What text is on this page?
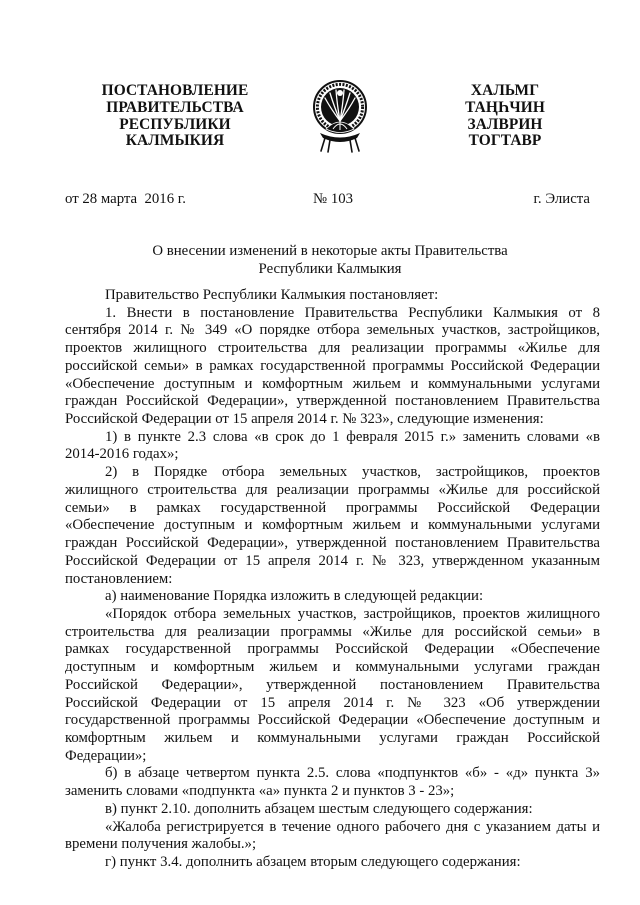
ПОСТАНОВЛЕНИЕ
ПРАВИТЕЛЬСТВА
РЕСПУБЛИКИ
КАЛМЫКИЯ
ХАЛЬМГ
ТАҢҺЧИН
ЗАЛВРИН
ТОГТАВР
от 28 марта  2016 г.	№ 103	г. Элиста
О внесении изменений в некоторые акты Правительства
Республики Калмыкия
Правительство Республики Калмыкия постановляет:
1. Внести в постановление Правительства Республики Калмыкия от 8
сентября 2014 г. № 349 «О порядке отбора земельных участков, застройщиков,
проектов жилищного строительства для реализации программы «Жилье для
российской семьи» в рамках государственной программы Российской Федерации
«Обеспечение доступным и комфортным жильем и коммунальными услугами
граждан Российской Федерации», утвержденной постановлением Правительства
Российской Федерации от 15 апреля 2014 г. № 323», следующие изменения:
1) в пункте 2.3 слова «в срок до 1 февраля 2015 г.» заменить словами «в
2014-2016 годах»;
2) в Порядке отбора земельных участков, застройщиков, проектов
жилищного строительства для реализации программы «Жилье для российской
семьи» в рамках государственной программы Российской Федерации
«Обеспечение доступным и комфортным жильем и коммунальными услугами
граждан Российской Федерации», утвержденной постановлением Правительства
Российской Федерации от 15 апреля 2014 г. № 323, утвержденном указанным
постановлением:
а) наименование Порядка изложить в следующей редакции:
«Порядок отбора земельных участков, застройщиков, проектов жилищного
строительства для реализации программы «Жилье для российской семьи» в
рамках государственной программы Российской Федерации «Обеспечение
доступным и комфортным жильем и коммунальными услугами граждан
Российской Федерации», утвержденной постановлением Правительства
Российской Федерации от 15 апреля 2014 г. № 323 «Об утверждении
государственной программы Российской Федерации «Обеспечение доступным и
комфортным жильем и коммунальными услугами граждан Российской
Федерации»;
б) в абзаце четвертом пункта 2.5. слова «подпунктов «б» - «д» пункта 3»
заменить словами «подпункта «а» пункта 2 и пунктов 3 - 23»;
в) пункт 2.10. дополнить абзацем шестым следующего содержания:
«Жалоба регистрируется в течение одного рабочего дня с указанием даты и
времени получения жалобы.»;
г) пункт 3.4. дополнить абзацем вторым следующего содержания:
